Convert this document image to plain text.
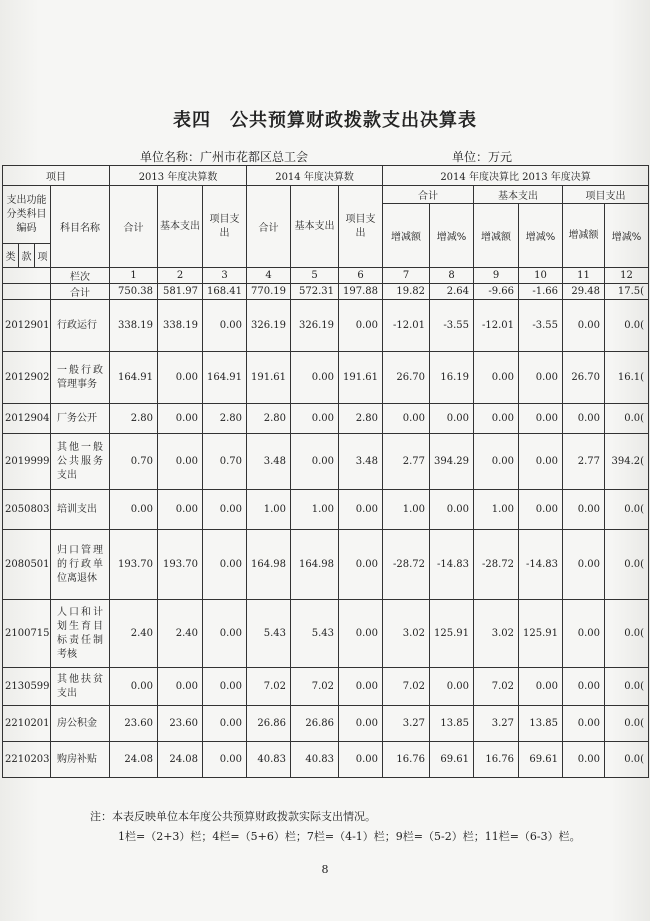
表四　公共预算财政拨款支出决算表
单位名称：广州市花都区总工会	单位：万元
项目				2013 年度决算数			2014 年度决算数			2014 年度决算比 2013 年度决算					
支出功能分类科目编码			科目名称	合计	基本支出	项目支出	合计	基本支出	项目支出	合计		基本支出		项目支出	
										增减额	增减%	增减额	增减%	增减额	增减%
类	款	项													
			栏次	1	2	3	4	5	6	7	8	9	10	11	12
			合计	750.38	581.97	168.41	770.19	572.31	197.88	19.82	2.64	-9.66	-1.66	29.48	17.5(
2012901			行政运行	338.19	338.19	0.00	326.19	326.19	0.00	-12.01	-3.55	-12.01	-3.55	0.00	0.0(
2012902			一般行政管理事务	164.91	0.00	164.91	191.61	0.00	191.61	26.70	16.19	0.00	0.00	26.70	16.1(
2012904			厂务公开	2.80	0.00	2.80	2.80	0.00	2.80	0.00	0.00	0.00	0.00	0.00	0.0(
2019999			其他一般公共服务支出	0.70	0.00	0.70	3.48	0.00	3.48	2.77	394.29	0.00	0.00	2.77	394.2(
2050803			培训支出	0.00	0.00	0.00	1.00	1.00	0.00	1.00	0.00	1.00	0.00	0.00	0.0(
2080501			归口管理的行政单位离退休	193.70	193.70	0.00	164.98	164.98	0.00	-28.72	-14.83	-28.72	-14.83	0.00	0.0(
2100715			人口和计划生育目标责任制考核	2.40	2.40	0.00	5.43	5.43	0.00	3.02	125.91	3.02	125.91	0.00	0.0(
2130599			其他扶贫支出	0.00	0.00	0.00	7.02	7.02	0.00	7.02	0.00	7.02	0.00	0.00	0.0(
2210201			房公积金	23.60	23.60	0.00	26.86	26.86	0.00	3.27	13.85	3.27	13.85	0.00	0.0(
2210203			购房补贴	24.08	24.08	0.00	40.83	40.83	0.00	16.76	69.61	16.76	69.61	0.00	0.0(
注：本表反映单位本年度公共预算财政拨款实际支出情况。
1栏=（2+3）栏；4栏=（5+6）栏；7栏=（4-1）栏；9栏=（5-2）栏；11栏=（6-3）栏。
8
